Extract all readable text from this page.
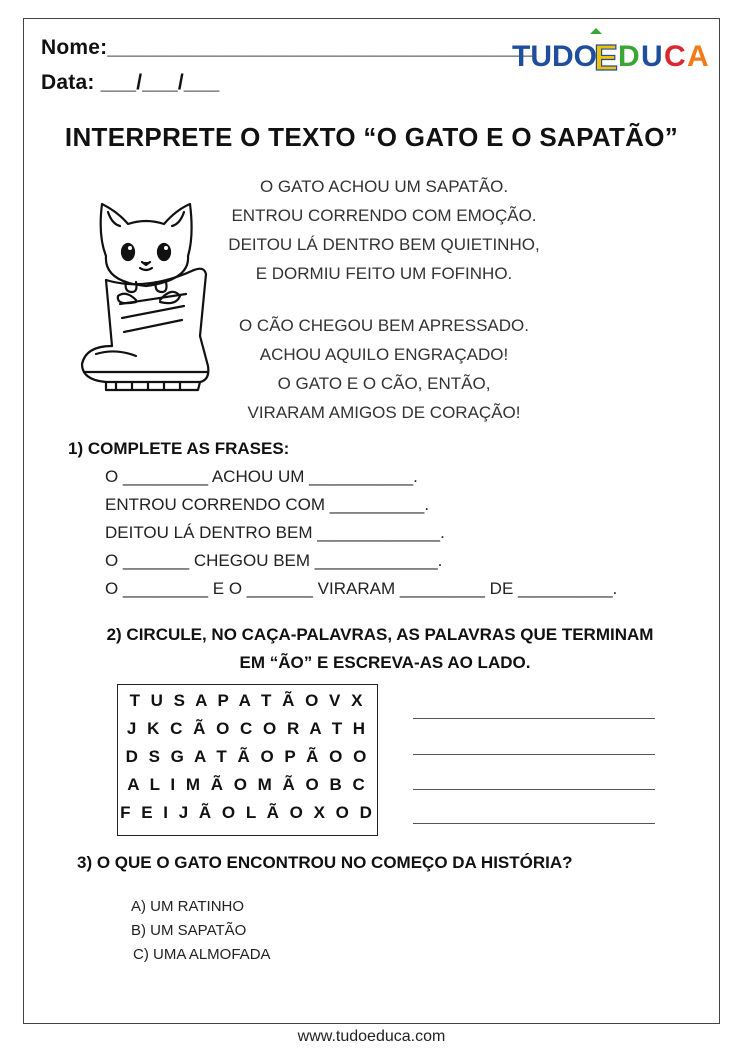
Nome:____________________________________
Data: ___/___/___
TUDO
E D U C A
INTERPRETE O TEXTO “O GATO E O SAPATÃO”
O GATO ACHOU UM SAPATÃO.
ENTROU CORRENDO COM EMOÇÃO.
DEITOU LÁ DENTRO BEM QUIETINHO,
E DORMIU FEITO UM FOFINHO.
O CÃO CHEGOU BEM APRESSADO.
ACHOU AQUILO ENGRAÇADO!
O GATO E O CÃO, ENTÃO,
VIRARAM AMIGOS DE CORAÇÃO!
1) COMPLETE AS FRASES:
O _________ ACHOU UM ___________.
ENTROU CORRENDO COM __________.
DEITOU LÁ DENTRO BEM _____________.
O _______ CHEGOU BEM _____________.
O _________ E O _______ VIRARAM _________ DE __________.
2) CIRCULE, NO CAÇA-PALAVRAS, AS PALAVRAS QUE TERMINAM
EM “ÃO” E ESCREVA-AS AO LADO.
T U S A P A T Ã O V X
J K C Ã O C O R A T H
D S G A T Ã O P Ã O O
A L I M Ã O M Ã O B C
F E I J Ã O L Ã O X O D
3) O QUE O GATO ENCONTROU NO COMEÇO DA HISTÓRIA?
A) UM RATINHO
B) UM SAPATÃO
C) UMA ALMOFADA
www.tudoeduca.com
